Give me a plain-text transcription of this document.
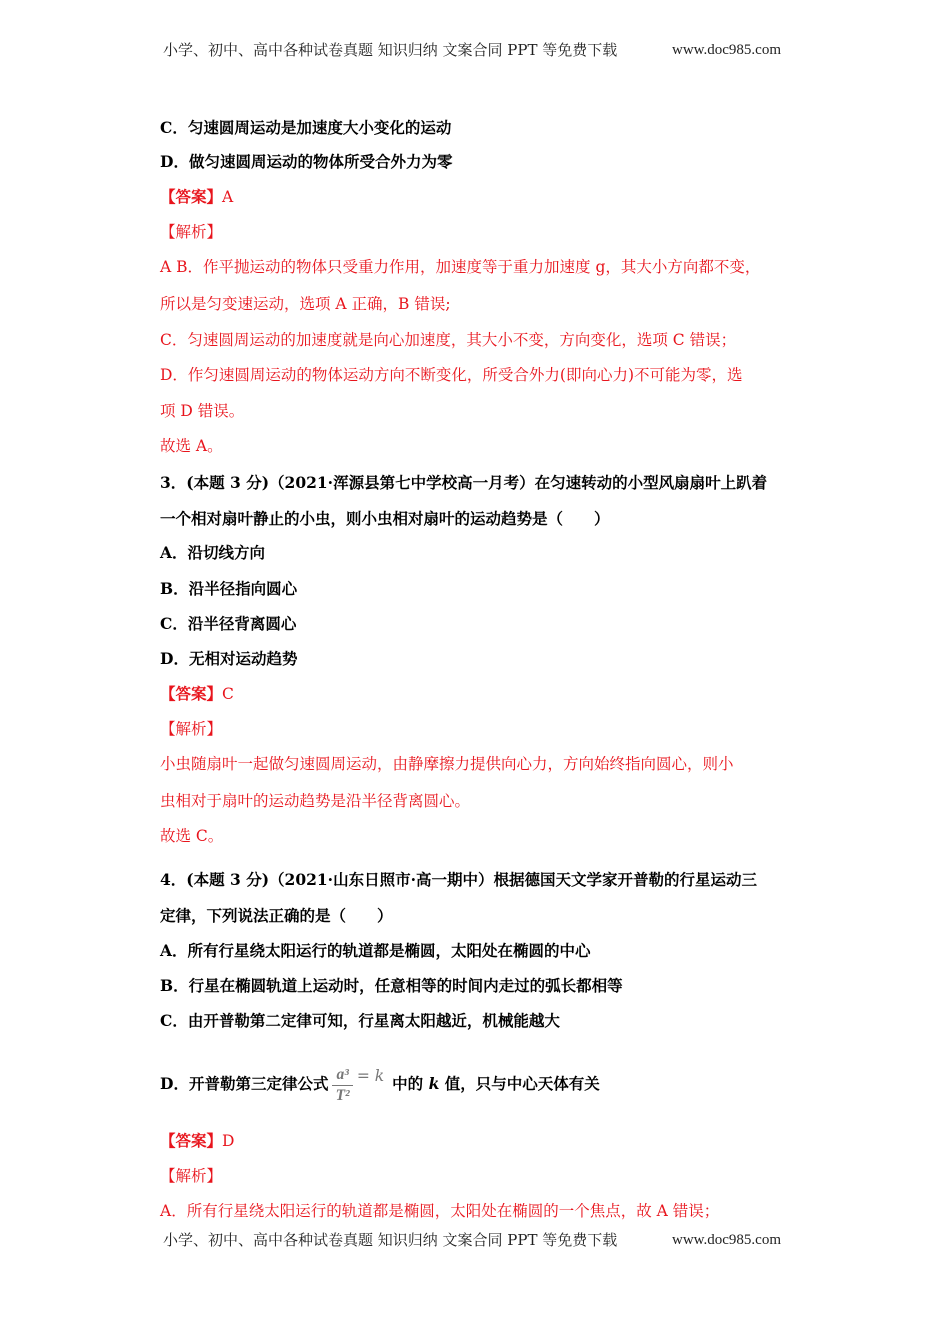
小学、初中、高中各种试卷真题 知识归纳 文案合同 PPT 等免费下载	www.doc985.com
C．匀速圆周运动是加速度大小变化的运动
D．做匀速圆周运动的物体所受合外力为零
【答案】A
【解析】
A B．作平抛运动的物体只受重力作用，加速度等于重力加速度 g，其大小方向都不变，
所以是匀变速运动，选项 A 正确，B 错误;
C．匀速圆周运动的加速度就是向心加速度，其大小不变，方向变化，选项 C 错误；
D．作匀速圆周运动的物体运动方向不断变化，所受合外力(即向心力)不可能为零，选
项 D 错误。
故选 A。
3．(本题 3 分)（2021·浑源县第七中学校高一月考）在匀速转动的小型风扇扇叶上趴着
一个相对扇叶静止的小虫，则小虫相对扇叶的运动趋势是（　　）
A．沿切线方向
B．沿半径指向圆心
C．沿半径背离圆心
D．无相对运动趋势
【答案】C
【解析】
小虫随扇叶一起做匀速圆周运动，由静摩擦力提供向心力，方向始终指向圆心，则小
虫相对于扇叶的运动趋势是沿半径背离圆心。
故选 C。
4．(本题 3 分)（2021·山东日照市·高一期中）根据德国天文学家开普勒的行星运动三
定律，下列说法正确的是（　　）
A．所有行星绕太阳运行的轨道都是椭圆，太阳处在椭圆的中心
B．行星在椭圆轨道上运动时，任意相等的时间内走过的弧长都相等
C．由开普勒第二定律可知，行星离太阳越近，机械能越大
D．开普勒第三定律公式 $\frac{\text{a³}}{\text{T²}} = k$ 中的 k 值，只与中心天体有关
【答案】D
【解析】
A．所有行星绕太阳运行的轨道都是椭圆，太阳处在椭圆的一个焦点，故 A 错误；
小学、初中、高中各种试卷真题 知识归纳 文案合同 PPT 等免费下载	www.doc985.com
